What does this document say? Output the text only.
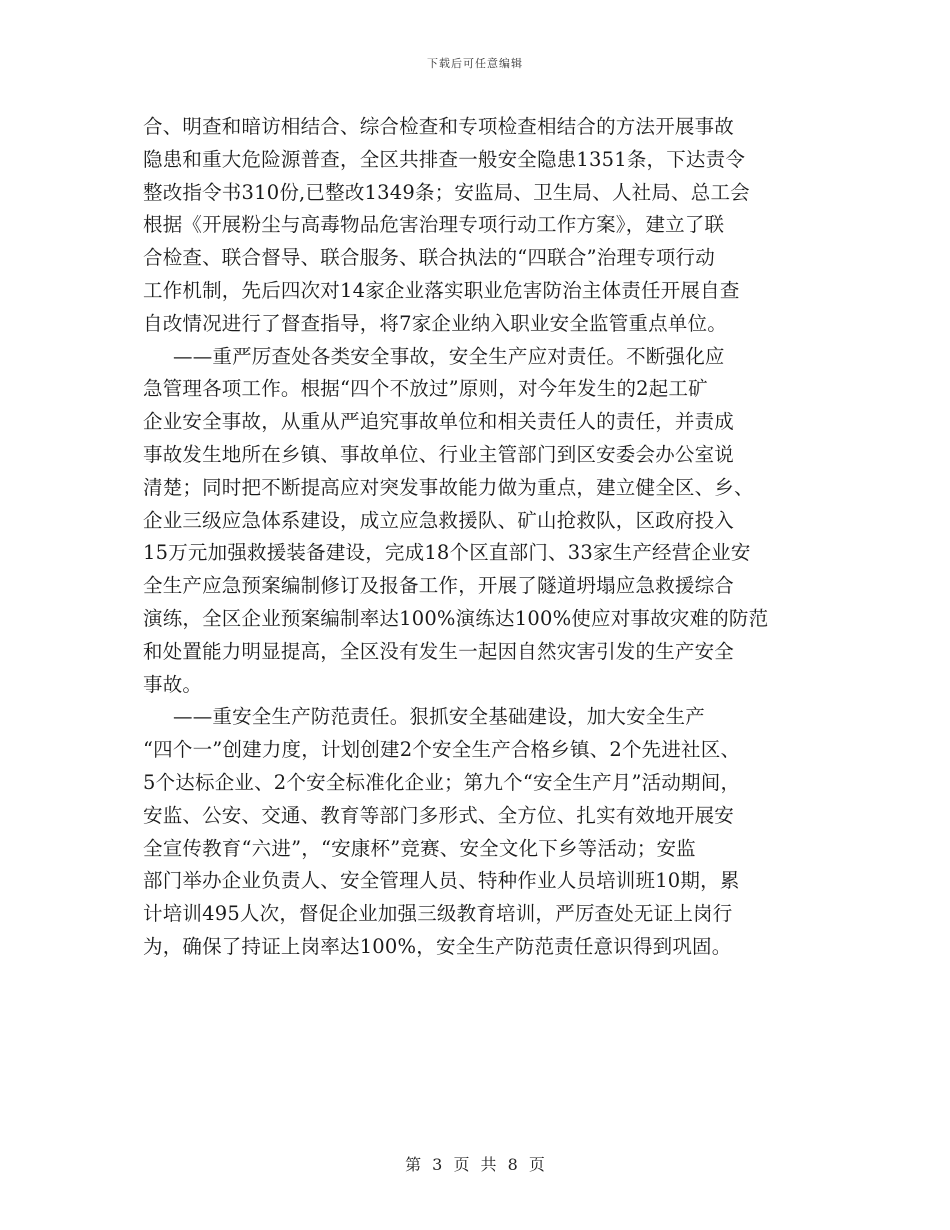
下载后可任意编辑
合、明查和暗访相结合、综合检查和专项检查相结合的方法开展事故
隐患和重大危险源普查，全区共排查一般安全隐患1351条，下达责令
整改指令书310份,已整改1349条；安监局、卫生局、人社局、总工会
根据《开展粉尘与高毒物品危害治理专项行动工作方案》，建立了联
合检查、联合督导、联合服务、联合执法的“四联合”治理专项行动
工作机制，先后四次对14家企业落实职业危害防治主体责任开展自查
自改情况进行了督查指导，将7家企业纳入职业安全监管重点单位。
——重严厉查处各类安全事故，安全生产应对责任。不断强化应
急管理各项工作。根据“四个不放过”原则，对今年发生的2起工矿
企业安全事故，从重从严追究事故单位和相关责任人的责任，并责成
事故发生地所在乡镇、事故单位、行业主管部门到区安委会办公室说
清楚；同时把不断提高应对突发事故能力做为重点，建立健全区、乡、
企业三级应急体系建设，成立应急救援队、矿山抢救队，区政府投入
15万元加强救援装备建设，完成18个区直部门、33家生产经营企业安
全生产应急预案编制修订及报备工作，开展了隧道坍塌应急救援综合
演练，全区企业预案编制率达100%演练达100%使应对事故灾难的防范
和处置能力明显提高，全区没有发生一起因自然灾害引发的生产安全
事故。
——重安全生产防范责任。狠抓安全基础建设，加大安全生产
“四个一”创建力度，计划创建2个安全生产合格乡镇、2个先进社区、
5个达标企业、2个安全标准化企业；第九个“安全生产月”活动期间，
安监、公安、交通、教育等部门多形式、全方位、扎实有效地开展安
全宣传教育“六进”，“安康杯”竞赛、安全文化下乡等活动；安监
部门举办企业负责人、安全管理人员、特种作业人员培训班10期，累
计培训495人次，督促企业加强三级教育培训，严厉查处无证上岗行
为，确保了持证上岗率达100%，安全生产防范责任意识得到巩固。
第 3 页 共 8 页
